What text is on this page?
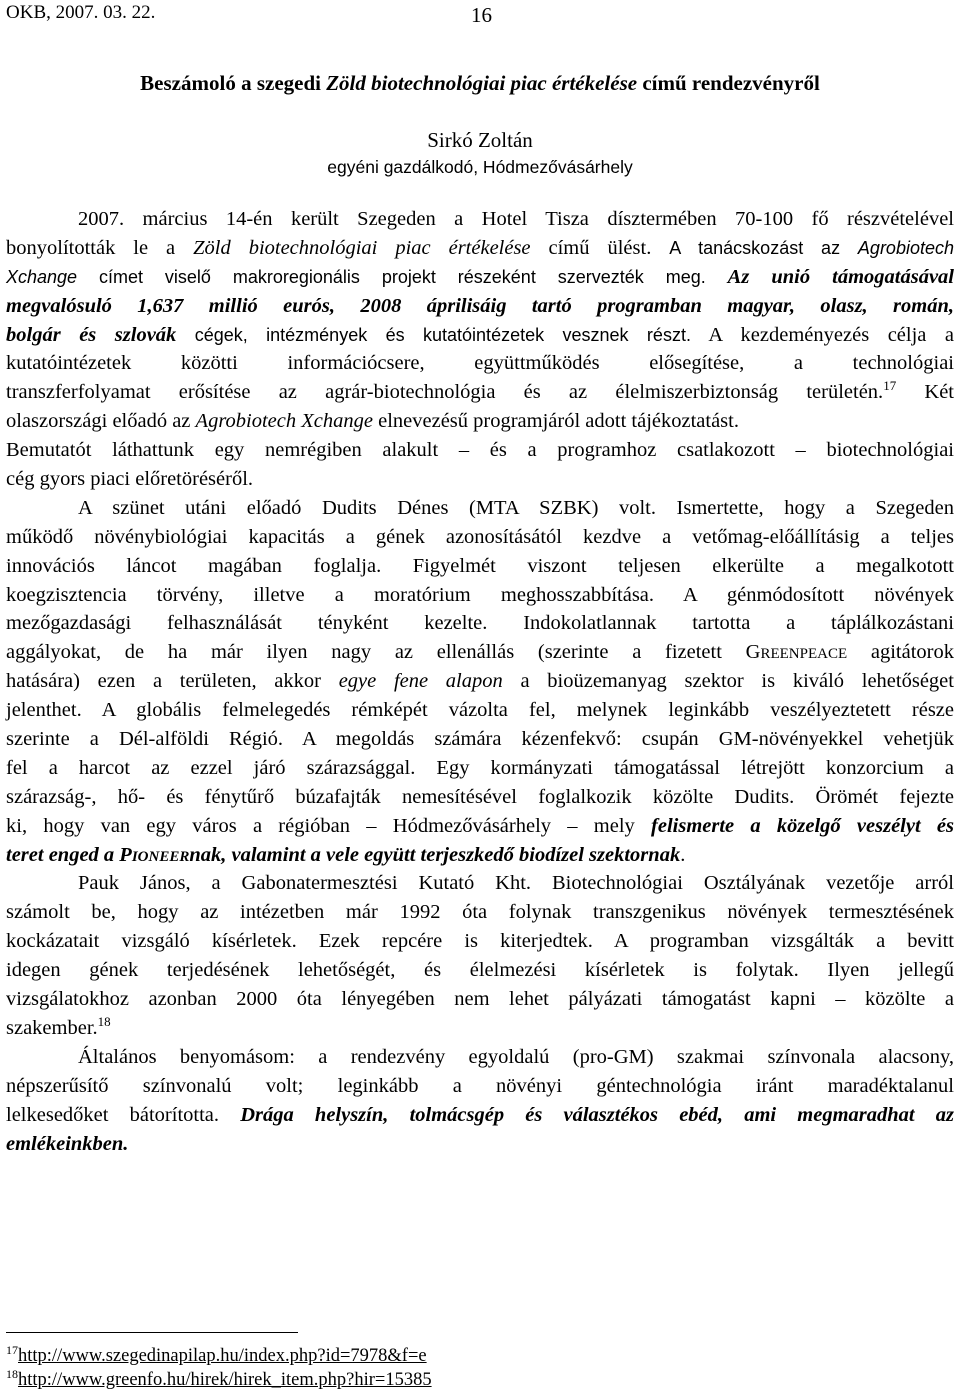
OKB, 2007. 03. 22.	16
Beszámoló a szegedi Zöld biotechnológiai piac értékelése című rendezvényről
Sirkó Zoltán
egyéni gazdálkodó, Hódmezővásárhely
2007. március 14-én került Szegeden a Hotel Tisza dísztermében 70-100 fő részvételével
bonyolították le a Zöld biotechnológiai piac értékelése című ülést. A tanácskozást az Agrobiotech
Xchange címet viselő makroregionális projekt részeként szervezték meg. Az unió támogatásával
megvalósuló 1,637 millió eurós, 2008 áprilisáig tartó programban magyar, olasz, román,
bolgár és szlovák cégek, intézmények és kutatóintézetek vesznek részt. A kezdeményezés célja a
kutatóintézetek közötti információcsere, együttműködés elősegítése, a technológiai
transzferfolyamat erősítése az agrár-biotechnológia és az élelmiszerbiztonság területén.$^{17}$ Két
olaszországi előadó az Agrobiotech Xchange elnevezésű programjáról adott tájékoztatást.
Bemutatót láthattunk egy nemrégiben alakult – és a programhoz csatlakozott – biotechnológiai
cég gyors piaci előretöréséről.
A szünet utáni előadó Dudits Dénes (MTA SZBK) volt. Ismertette, hogy a Szegeden
működő növénybiológiai kapacitás a gének azonosításától kezdve a vetőmag-előállításig a teljes
innovációs láncot magában foglalja. Figyelmét viszont teljesen elkerülte a megalkotott
koegzisztencia törvény, illetve a moratórium meghosszabbítása. A génmódosított növények
mezőgazdasági felhasználását tényként kezelte. Indokolatlannak tartotta a táplálkozástani
aggályokat, de ha már ilyen nagy az ellenállás (szerinte a fizetett GREENPEACE agitátorok
hatására) ezen a területen, akkor egye fene alapon a bioüzemanyag szektor is kiváló lehetőséget
jelenthet. A globális felmelegedés rémképét vázolta fel, melynek leginkább veszélyeztetett része
szerinte a Dél-alföldi Régió. A megoldás számára kézenfekvő: csupán GM-növényekkel vehetjük
fel a harcot az ezzel járó szárazsággal. Egy kormányzati támogatással létrejött konzorcium a
szárazság-, hő- és fénytűrő búzafajták nemesítésével foglalkozik közölte Dudits. Örömét fejezte
ki, hogy van egy város a régióban – Hódmezővásárhely – mely felismerte a közelgő veszélyt és
teret enged a PIONEERnak, valamint a vele együtt terjeszkedő biodízel szektornak.
Pauk János, a Gabonatermesztési Kutató Kht. Biotechnológiai Osztályának vezetője arról
számolt be, hogy az intézetben már 1992 óta folynak transzgenikus növények termesztésének
kockázatait vizsgáló kísérletek. Ezek repcére is kiterjedtek. A programban vizsgálták a bevitt
idegen gének terjedésének lehetőségét, és élelmezési kísérletek is folytak. Ilyen jellegű
vizsgálatokhoz azonban 2000 óta lényegében nem lehet pályázati támogatást kapni – közölte a
szakember.$^{18}$
Általános benyomásom: a rendezvény egyoldalú (pro-GM) szakmai színvonala alacsony,
népszerűsítő színvonalú volt; leginkább a növényi géntechnológia iránt maradéktalanul
lelkesedőket bátorította. Drága helyszín, tolmácsgép és választékos ebéd, ami megmaradhat az
emlékeinkben.
$^{17}$http://www.szegedinapilap.hu/index.php?id=7978&f=e
$^{18}$http://www.greenfo.hu/hirek/hirek_item.php?hir=15385
